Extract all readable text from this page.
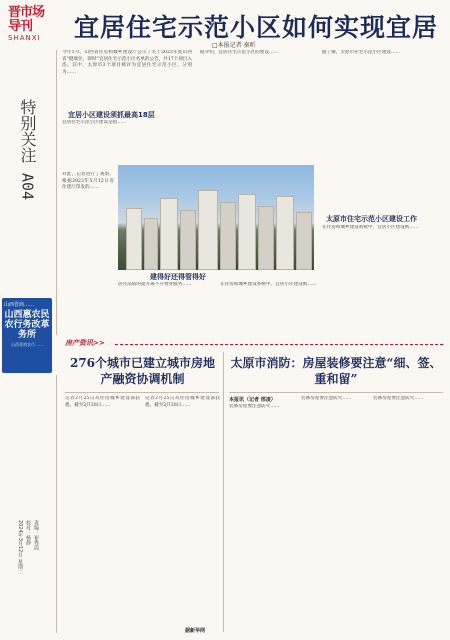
晋市场导刊
SHANXI 宜居住宅示范小区如何实现宜居
□本报记者 秦昕
特别关注
A04
山西晋商……
山西惠农民农行务改革务所
山西晋商农行……
责编：崔秀霞
校对：杨静
2024年3月12日 星期二
今年1月，山西省住房和城乡建设厅公示了关于2023年度山西省“健康住、即时”宜居住宅示范小区名单的公告，共17个项目入选。其中，太原市3个项目被评为宜居住宅示范小区，分别为……
宜居小区建设须抓最高18层
宜居住宅示范小区建设是指……
对此，记者进行了观察。根据2023年5月12日省住建厅印发的……
据介绍，宜居住宅示范小区的建设……
建得好还得管得好
居住品质的提升离不开物业服务……	在住房和城乡建设系统中，宜居小区建设被……
据了解，太原市住宅示范小区建设……
太原市住宅示范小区建设工作
在住房和城乡建设系统中，宜居小区建设被……
房产资讯>>
276个城市已建立城市房地产融资协调机制
记者2月25日从住房城乡建设部获悉，截至2月28日……
记者2月25日从住房城乡建设部获悉，截至2月28日……
据新华网
太原市消防：房屋装修要注意“细、签、重和留”
本报讯（记者 邢凌）
装修房屋要注意防火……
装修房屋要注意防火……	装修房屋要注意防火……
